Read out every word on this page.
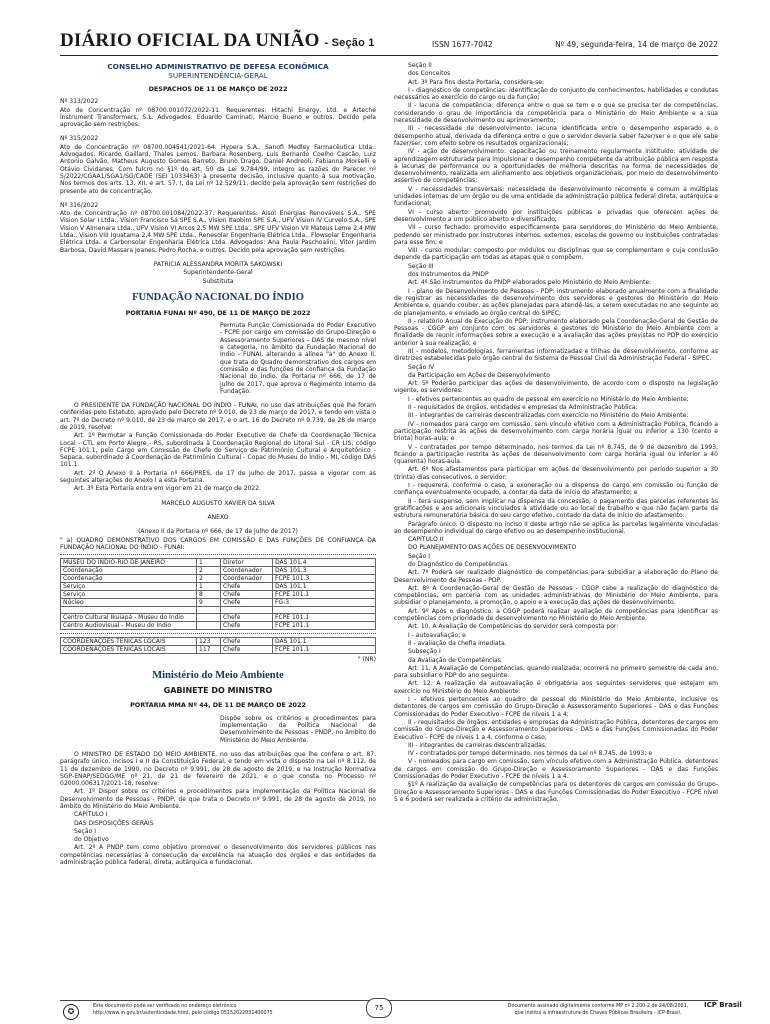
DIÁRIO OFICIAL DA UNIÃO - Seção 1	ISSN 1677-7042	Nº 49, segunda-feira, 14 de março de 2022
CONSELHO ADMINISTRATIVO DE DEFESA ECONÔMICA
SUPERINTENDÊNCIA-GERAL
DESPACHOS DE 11 DE MARÇO DE 2022
Nº 313/2022
Ato de Concentração nº 08700.001072/2022-11. Requerentes: Hitachi Energy, Ltd. e Arteche Instrument Transformers, S.L. Advogados: Eduardo Caminati, Marcio Bueno e outros. Decido pela aprovação sem restrições.
Nº 315/2022
Ato de Concentração nº 08700.004541/2021-64. Hypera S.A., Sanofi Medley Farmacêutica Ltda.. Advogados: Ricardo Gaillard, Thales Lemos, Barbara Rosenberg, Luís Bernardo Coelho Cascão, Luiz Antonio Galvão, Matheus Augusto Gomes Barreto, Bruno Drago, Daniel Andreoli, Fabianna Morselli e Otávio Cividanes. Com fulcro no §1º do art. 50 da Lei 9.784/99, integro as razões do Parecer nº 5/2022/CGAA1/SGA1/SG/CADE (SEI 1033463) à presente decisão, inclusive quanto à sua motivação. Nos termos dos arts. 13, XII, e art. 57, I, da Lei nº 12.529/11, decido pela aprovação sem restrições do presente ato de concentração.
Nº 316/2022
Ato de Concentração nº 08700.001084/2022-37. Requerentes: Aisol Energias Renováveis S.A., SPE Vision Solar I Ltda., Vision Francisco Sá SPE S.A., Vision Itaobim SPE S.A., UFV Vision IV Curvelo S.A., SPE Vision V Almenara Ltda., UFV Vision VI Arcos 2,5 MW SPE Ltda., SPE UFV Vision VII Mateus Leme 2,4 MW Ltda., Vision VIII Iguatama 2,4 MW SPE Ltda., Renesolar Engenharia Elétrica Ltda., Flowsolar Engenharia Elétrica Ltda. e Carbonsolar Engenharia Elétrica Ltda. Advogados: Ana Paula Paschoalini, Vitor Jardim Barbosa, David Massara Joanes, Pedro Rocha, e outros. Decido pela aprovação sem restrições.
PATRICIA ALESSANDRA MORITA SAKOWSKI
Superintendente-Geral
Substituta
FUNDAÇÃO NACIONAL DO ÍNDIO
PORTARIA FUNAI Nº 490, DE 11 DE MARÇO DE 2022
Permuta Função Comissionada do Poder Executivo - FCPE por cargo em comissão do Grupo-Direção e Assessoramento Superiores - DAS de mesmo nível e categoria, no âmbito da Fundação Nacional do Índio - FUNAI, alterando a alínea "a" do Anexo II, que trata do Quadro demonstrativo dos cargos em comissão e das funções de confiança da Fundação Nacional do Índio, da Portaria nº 666, de 17 de julho de 2017, que aprova o Regimento Interno da Fundação.
O PRESIDENTE DA FUNDAÇÃO NACIONAL DO ÍNDIO - FUNAI, no uso das atribuições que lhe foram conferidas pelo Estatuto, aprovado pelo Decreto nº 9.010, de 23 de março de 2017, e tendo em vista o art. 7º do Decreto nº 9.010, de 23 de março de 2017, e o art. 16 do Decreto nº 9.739, de 28 de março de 2019, resolve:
Art. 1º Permutar a Função Comissionada do Poder Executivo de Chefe da Coordenação Técnica Local - CTL em Porto Alegre - RS, subordinada à Coordenação Regional do Litoral Sul - CR LIS, código FCPE 101.1, pelo Cargo em Comissão de Chefe do Serviço de Patrimônio Cultural e Arquitetônico - Sepaca, subordinado à Coordenação de Patrimônio Cultural - Copac do Museu do Índio - MI, código DAS 101.1.
Art. 2º O Anexo II à Portaria nº 666/PRES, de 17 de julho de 2017, passa a vigorar com as seguintes alterações do Anexo I a esta Portaria.
Art. 3º Esta Portaria entra em vigor em 21 de março de 2022.
MARCELO AUGUSTO XAVIER DA SILVA
ANEXO
(Anexo II da Portaria nº 666, de 17 de julho de 2017)
" a) QUADRO DEMONSTRATIVO DOS CARGOS EM COMISSÃO E DAS FUNÇÕES DE CONFIANÇA DA FUNDAÇÃO NACIONAL DO ÍNDIO - FUNAI:
MUSEU DO ÍNDIO-RIO DE JANEIRO	1	Diretor	DAS 101.4
Coordenação	2	Coordenador	DAS 101.3
Coordenação	2	Coordenador	FCPE 101.3
Serviço	1	Chefe	DAS 101.1
Serviço	8	Chefe	FCPE 101.1
Núcleo	9	Chefe	FG-3

Centro Cultural Ikuiapá - Museu do Índio		Chefe	FCPE 101.1
Centro Audiovisual - Museu do Índio		Chefe	FCPE 101.1
COORDENAÇÕES TÉNICAS LOCAIS	123	Chefe	DAS 101.1
COORDENAÇÕES TÉNICAS LOCAIS	117	Chefe	FCPE 101.1
" (NR)
Ministério do Meio Ambiente
GABINETE DO MINISTRO
PORTARIA MMA Nº 44, DE 11 DE MARÇO DE 2022
Dispõe sobre os critérios e procedimentos para implementação da Política Nacional de Desenvolvimento de Pessoas - PNDP, no âmbito do Ministério do Meio Ambiente.
O MINISTRO DE ESTADO DO MEIO AMBIENTE, no uso das atribuições que lhe confere o art. 87, parágrafo único, incisos I e II da Constituição Federal, e tendo em vista o disposto na Lei nº 8.112, de 11 de dezembro de 1990, no Decreto nº 9.991, de 28 de agosto de 2019, e na Instrução Normativa SGP-ENAP/SEDGG/ME nº 21, de 21 de fevereiro de 2021, e o que consta no Processo nº 02000.006317/2021-18, resolve:
Art. 1º Dispor sobre os critérios e procedimentos para implementação da Política Nacional de Desenvolvimento de Pessoas - PNDP, de que trata o Decreto nº 9.991, de 28 de agosto de 2019, no âmbito do Ministério do Meio Ambiente.
CAPÍTULO I
DAS DISPOSIÇÕES GERAIS
Seção I
do Objetivo
Art. 2º A PNDP tem como objetivo promover o desenvolvimento dos servidores públicos nas competências necessárias à consecução da excelência na atuação dos órgãos e das entidades da administração pública federal, direta, autárquica e fundacional.
Seção II
dos Conceitos
Art. 3º Para fins desta Portaria, considera-se:
I - diagnóstico de competências: identificação do conjunto de conhecimentos, habilidades e condutas necessários ao exercício do cargo ou da função;
II - lacuna de competência: diferença entre o que se tem e o que se precisa ter de competências, considerando o grau de importância da competência para o Ministério do Meio Ambiente e a sua necessidade de desenvolvimento ou aprimoramento;
III - necessidade de desenvolvimento: lacuna identificada entre o desempenho esperado e o desempenho atual, derivada da diferença entre o que o servidor deveria saber fazer/ser e o que ele sabe fazer/ser, com efeito sobre os resultados organizacionais;
IV - ação de desenvolvimento: capacitação ou treinamento regularmente instituído: atividade de aprendizagem estruturada para impulsionar o desempenho competente da atribuição pública em resposta a lacunas de performance ou a oportunidades de melhoria descritas na forma de necessidades de desenvolvimento, realizada em alinhamento aos objetivos organizacionais, por meio do desenvolvimento assertivo de competências;
V - necessidades transversais: necessidade de desenvolvimento recorrente e comum a múltiplas unidades internas de um órgão ou de uma entidade da administração pública federal direta, autárquica e fundacional;
VI - curso aberto: promovido por instituições públicas e privadas que oferecem ações de desenvolvimento a um público aberto e diversificado;
VII - curso fechado: promovido especificamente para servidores do Ministério do Meio Ambiente, podendo ser ministrado por instrutores internos, externos, escolas de governo ou instituições contratadas para esse fim; e
VIII - curso modular: composto por módulos ou disciplinas que se complementam e cuja conclusão depende da participação em todas as etapas que o compõem.
Seção III
dos Instrumentos da PNDP
Art. 4º São instrumentos da PNDP elaborados pelo Ministério do Meio Ambiente:
I - plano de Desenvolvimento de Pessoas - PDP: instrumento elaborado anualmente com a finalidade de registrar as necessidades de desenvolvimento dos servidores e gestores do Ministério do Meio Ambiente e, quando couber, as ações planejadas para atendê-las, a serem executadas no ano seguinte ao do planejamento, e enviado ao órgão central do SIPEC;
II - relatório Anual de Execução do PDP: instrumento elaborado pela Coordenação-Geral de Gestão de Pessoas - CGGP em conjunto com os servidores e gestores do Ministério do Meio Ambiente com a finalidade de reunir informações sobre a execução e a avaliação das ações previstas no PDP do exercício anterior à sua realização; e
III - modelos, metodologias, ferramentas informatizadas e trilhas de desenvolvimento, conforme as diretrizes estabelecidas pelo órgão central do Sistema de Pessoal Civil da Administração Federal - SIPEC.
Seção IV
da Participação em Ações de Desenvolvimento
Art. 5º Poderão participar das ações de desenvolvimento, de acordo com o disposto na legislação vigente, os servidores:
I - efetivos pertencentes ao quadro de pessoal em exercício no Ministério do Meio Ambiente;
II - requisitados de órgãos, entidades e empresas da Administração Pública;
III - integrantes de carreiras descentralizadas com exercício no Ministério do Meio Ambiente;
IV - nomeados para cargo em comissão, sem vínculo efetivo com a Administração Pública, ficando a participação restrita às ações de desenvolvimento com carga horária igual ou inferior a 130 (cento e trinta) horas-aula; e
V - contratados por tempo determinado, nos termos da Lei nº 8.745, de 9 de dezembro de 1993, ficando a participação restrita às ações de desenvolvimento com carga horária igual ou inferior a 40 (quarenta) horas-aula.
Art. 6º Nos afastamentos para participar em ações de desenvolvimento por período superior a 30 (trinta) dias consecutivos, o servidor:
I - requererá, conforme o caso, a exoneração ou a dispensa do cargo em comissão ou função de confiança eventualmente ocupado, a contar da data de início do afastamento; e
II - terá suspenso, sem implicar na dispensa da concessão, o pagamento das parcelas referentes às gratificações e aos adicionais vinculados à atividade ou ao local de trabalho e que não façam parte da estrutura remuneratória básica do seu cargo efetivo, contado da data de início do afastamento.
Parágrafo único. O disposto no inciso II deste artigo não se aplica às parcelas legalmente vinculadas ao desempenho individual do cargo efetivo ou ao desempenho institucional.
CAPÍTULO II
DO PLANEJAMENTO DAS AÇÕES DE DESENVOLVIMENTO
Seção I
do Diagnóstico de Competências
Art. 7º Poderá ser realizado diagnóstico de competências para subsidiar a elaboração do Plano de Desenvolvimento de Pessoas - PDP.
Art. 8º A Coordenação-Geral de Gestão de Pessoas - CGGP cabe a realização do diagnóstico de competências, em parceria com as unidades administrativas do Ministério do Meio Ambiente, para subsidiar o planejamento, a promoção, o apoio e a execução das ações de desenvolvimento.
Art. 9º Após o diagnóstico, a CGGP poderá realizar avaliação de competências para identificar as competências com prioridade de desenvolvimento no Ministério do Meio Ambiente.
Art. 10. A Avaliação de Competências do servidor será composta por:
I - autoavaliação; e
II - avaliação da chefia imediata.
Subseção I
da Avaliação de Competências
Art. 11. A Avaliação de Competências, quando realizada, ocorrerá no primeiro semestre de cada ano, para subsidiar o PDP do ano seguinte.
Art. 12. A realização da autoavaliação é obrigatória aos seguintes servidores que estejam em exercício no Ministério do Meio Ambiente:
I - efetivos pertencentes ao quadro de pessoal do Ministério do Meio Ambiente, inclusive os detentores de cargos em comissão do Grupo-Direção e Assessoramento Superiores - DAS e das Funções Comissionadas do Poder Executivo - FCPE de níveis 1 a 4;
II - requisitados de órgãos, entidades e empresas da Administração Pública, detentores de cargos em comissão do Grupo-Direção e Assessoramento Superiores - DAS e das Funções Comissionadas do Poder Executivo - FCPE de níveis 1 a 4, conforme o caso;
III - integrantes de carreiras descentralizadas;
IV - contratados por tempo determinado, nos termos da Lei nº 8.745, de 1993; e
V - nomeados para cargo em comissão, sem vínculo efetivo com a Administração Pública, detentores de cargos em comissão do Grupo-Direção e Assessoramento Superiores - DAS e das Funções Comissionadas do Poder Executivo - FCPE de níveis 1 a 4.
§1º A realização da avaliação de competências para os detentores de cargos em comissão do Grupo-Direção e Assessoramento Superiores - DAS e das Funções Comissionadas do Poder Executivo - FCPE nível 5 e 6 poderá ser realizada a critério da administração.
✪
Este documento pode ser verificado no endereço eletrônico
http://www.in.gov.br/autenticidade.html, pelo código 05152022031400075
75	Documento assinado digitalmente conforme MP nº 2.200-2 de 24/08/2001,
que institui a Infraestrutura de Chaves Públicas Brasileira - ICP-Brasil.
ICP Brasil
